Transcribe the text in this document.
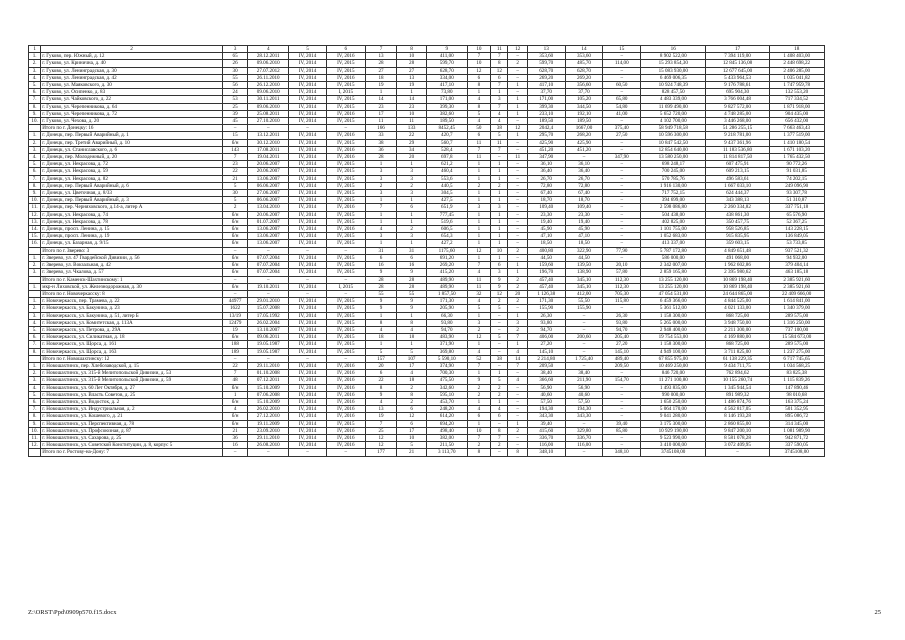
1	2	3	4	5	6	7	8	9	10	11	12	13	14	15	16	17	18	
1.	г. Гуково, пер. Южный, д. 12	65	28.12.2011	IV, 2014	IV, 2016	13	10	411,00	7	7	–	353,60	353,60	–	8 902 522,00	7 394 119,00	1 408 403,00	
2.	г. Гуково, ул. Кринична, д. 40	26	09.06.2010	IV, 2014	IV, 2015	28	28	599,70	10	8	2	599,70	485,70	114,00	15 293 854,30	12 845 136,08	2 448 698,22	
3.	г. Гуково, ул. Ленинградская, д. 30	30	27.07.2012	IV, 2014	IV, 2015	27	27	628,70	12	12	–	628,70	628,70	–	15 083 930,00	12 677 645,00	2 406 285,00	
4.	г. Гуково, ул. Ленинградская, д. 42	55	26.11.2010	IV, 2014	IV, 2016	18	13	334,00	6	6	–	269,20	269,20	–	6 469 006,35	5 433 964,53	1 035 041,82	
5.	г. Гуково, ул. Маяковского, д. 30	56	26.12.2010	IV, 2014	IV, 2015	19	19	417,10	8	7	1	417,10	356,60	60,50	10 924 748,39	9 176 788,61	1 747 959,78	
6.	г. Гуково, ул. Осипенко, д. 83	24	09.06.2010	IV, 2014	I, 2015	1	1	73,80	1	1	–	37,70	37,70	–	828 457,50	695 904,30	132 553,20	
7.	г. Гуково, ул. Чайковского, д. 22	53	30.11.2011	IV, 2014	IV, 2015	14	14	171,00	4	3	1	171,00	105,20	65,80	4 483 339,00	3 766 004,48	717 334,52	
8.	г. Гуково, ул. Черепенникова, д. 64	25	09.06.2010	IV, 2014	IV, 2015	23	23	399,30	8	7	1	399,30	344,50	54,80	11 699 490,00	9 827 572,00	1 871 918,00	
9.	г. Гуково, ул. Черепенникова, д. 72	39	25.08.2011	IV, 2014	IV, 2016	17	10	382,60	5	4	1	233,10	192,10	41,00	5 652 720,00	4 748 285,00	904 435,00	
10.	г. Гуково, ул. Чехова, д. 20	45	27.10.2010	IV, 2014	IV, 2015	11	11	189,50	4	4	–	189,50	189,50	–	4 102 700,00	3 446 268,00	656 432,00	
	Итого по г. Донецку: 16	–	–	–	–	166	133	8452,45	50	38	12	2042,4	1667,00	375,40	58 949 718,58	51 286 255,15	7 663 463,43	
1.	г. Донецк, пер. Первый Аварийный, д. 1	15	13.12.2011	IV, 2014	IV, 2016	33	22	420,7	6	5	1	295,70	268,20	27,50	10 596 300,00	9 218 781,00	1 377 519,00	
2.	г. Донецк, пер. Третий Аварийный, д. 10	б/н	30.12.2010	IV, 2014	IV, 2015	38	29	560,7	11	11	–	425,90	425,90	–	10 847 542,50	9 437 361,96	1 410 180,54	
3.	г. Донецк, ул. Станиславского, д. 6	143	17.08.2011	IV, 2014	IV, 2016	36	34	528,4	7	7	–	451,20	451,20	–	12 854 640,00	11 183 536,80	1 671 103,20	
4.	г. Донецк, пер. Молодежный, д. 20	7	19.04.2011	IV, 2014	IV, 2016	28	20	697,8	11	–	11	347,90	–	347,90	13 580 250,00	11 814 817,50	1 765 432,50	
5.	г. Донецк, ул. Некрасова, д. 72	23	20.06.2007	IV, 2014	IV, 2015	1	1	621,2	1	1	–	36,10	36,10	–	698 248,17	607 475,91	90 772,26	
6.	г. Донецк, ул. Некрасова, д. 59	22	20.06.2007	IV, 2014	IV, 2015	3	3	460,4	1	1	–	36,40	36,40	–	700 245,00	609 213,15	91 031,85	
7.	г. Донецк, ул. Некрасова, д. 82	21	13.06.2007	IV, 2014	IV, 2015	3	3	553,6	1	1	–	26,70	26,70	–	570 785,76	496 583,61	74 202,15	
8.	г. Донецк, пер. Первый Аварийный, д. 6	5	06.06.2007	IV, 2014	IV, 2015	2	2	440,5	2	2	–	72,80	72,80	–	1 916 130,00	1 667 033,10	249 096,90	
9.	г. Донецк, ул. Цветочная, д. 8/33	30	27.06.2007	IV, 2014	IV, 2015	3	3	304,5	1	1	–	67,40	67,40	–	717 752,15	624 444,37	93 307,78	
10.	г. Донецк, пер. Первый Аварийный, д. 3	5	06.06.2007	IV, 2014	IV, 2015	1	1	427,5	1	1	–	18,70	18,70	–	394 699,00	343 388,13	51 310,87	
11.	г. Донецк, пер. Черняховского, д.14-а, литер А	2	13.04.2010	IV, 2014	IV, 2016	7	6	651,9	3	3	–	109,40	109,40	–	2 598 086,80	2 260 334,82	337 751,18	
12.	г. Донецк, ул. Некрасова, д. 74	б/н	20.06.2007	IV, 2014	IV, 2015	1	1	777,45	1	1	–	23,30	23,30	–	504 438,00	438 861,30	65 576,90	
13.	г. Донецк, ул. Некрасова, д. 78	б/н	01.07.2007	IV, 2014	IV, 2015	1	1	519,6	1	1	–	19,40	19,40	–	402 825,00	350 457,75	52 367,25	
14.	г. Донецк, просп. Ленина, д. 15	б/н	13.06.2007	IV, 2014	IV, 2016	4	2	606,5	1	1	–	45,90	45,90	–	1 101 755,00	958 526,85	143 228,15	
15.	г. Донецк, просп. Ленина, д. 19	б/н	13.06.2007	IV, 2014	IV, 2015	3	3	654,3	1	1	–	47,10	47,10	–	1 052 683,00	915 835,95	136 849,05	
16.	г. Донецк, ул. Базарная, д. 9/15	б/н	13.06.2007	IV, 2014	IV, 2015	1	1	427,2	1	1	–	18,50	18,50	–	413 337,00	359 603,15	53 733,85	
	Итого по г. Зверево: 3	–	–	–	–	31	31	1175,60	12	10	2	400,80	322,90	77,90	5 787 172,80	4 849 651,48	937 521,32	
1.	г. Зверево, ул. 47 Гвардейской Дивизии, д. 56	б/н	07.07.2004	IV, 2014	IV, 2015	6	6	691,20	1	1	–	44,50	44,50	–	586 000,00	491 068,00	94 932,00	
2.	г. Зверево, ул. Вокзальная, д. 42	б/н	07.07.2004	IV, 2014	IV, 2015	16	16	269,20	7	6	1	159,60	139,50	20,10	2 342 007,00	1 962 602,86	379 404,14	
3.	г. Зверево, ул. Чкалова, д. 57	б/н	07.07.2004	IV, 2014	IV, 2015	9	9	415,20	4	3	1	196,70	138,90	57,80	2 859 165,80	2 395 980,62	463 185,18	
	Итого по г. Каменск-Шахтинскому: 1	–	–	–	–	28	28	489,90	11	9	2	457,40	345,10	112,30	13 255 120,00	10 869 198,40	2 385 921,60	
1.	мкр-н Лиховской, ул. Железнодорожная, д. 30	б/н	19.10.2011	IV, 2014	I, 2015	28	28	489,90	11	9	2	457,40	345,10	112,30	13 255 120,00	10 869 198,40	2 385 921,60	
	Итого по г. Новочеркасску: 8	–	–	–	–	55	55	1 857,50	32	12	20	1 126,38	412,00	705,30	47 054 531,00	24 644 865,00	22 409 666,00	
1.	г. Новочеркасск, пер. Трамева, д. 22	44977	29.01.2010	IV, 2014	IV, 2015	9	9	171,30	4	2	2	171,30	55,50	115,80	6 459 366,00	4 844 525,00	1 614 841,00	
2.	г. Новочеркасск, ул. Бакунина, д. 23	1622	15.07.2008	IV, 2014	IV, 2015	9	9	205,90	5	5	–	155,90	155,90	–	5 361 512,00	4 021 133,00	1 340 379,00	
3.	г. Новочеркасск, ул. Бакунина, д. 51, литер Б	13/19	17.05.1992	IV, 2014	IV, 2015	1	1	66,30	1	–	1	26,30	–	26,30	1 158 300,00	868 725,00	289 575,00	
4.	г. Новочеркасск, ул. Комитетская, д. 113А	12479	26.02.2004	IV, 2014	IV, 2015	8	8	93,80	3	–	3	93,80	–	93,80	5 265 000,00	3 948 750,00	1 316 250,00	
5.	г. Новочеркасск, ул. Петрова, д. 29А	19	13.10.2007	IV, 2014	IV, 2015	4	4	94,70	2	–	2	94,70	–	94,70	2 948 400,00	2 211 300,00	737 100,00	
6.	г. Новочеркасск, ул. Силикатная, д. 18	б/н	09.06.2011	IV, 2014	IV, 2015	18	18	483,90	12	5	7	406,00	200,60	205,40	19 754 553,00	4 169 880,00	15 584 673,00	
7.	г. Новочеркасск, ул. Щорса, д. 161	188	19.05.1987	IV, 2014	IV, 2015	1	1	371,90	1	–	1	27,20	–	27,20	1 158 300,00	868 725,00	289 575,00	
8.	г. Новочеркасск, ул. Щорса, д. 163	189	19.05.1987	IV, 2014	IV, 2015	5	5	369,80	4	–	4	145,10	–	145,10	4 949 100,00	3 711 825,00	1 237 275,00	
	Итого по г. Новошахтинску: 12	–	–	–	–	157	107	5 590,10	52	38	14	2 214,80	1 725,40	489,40	67 855 975,00	61 138 229,35	6 717 745,65	
1.	г. Новошахтинск, пер. Хлебозаводской, д. 15	22	29.11.2010	IV, 2014	IV, 2016	20	17	374,90	7	–	7	209,50	–	209,50	10 469 250,00	9 434 711,75	1 034 568,25	
2.	г. Новошахтинск, ул. 315-й Мелитопольской Дивизии, д. 53	7	01.10.2008	IV, 2014	IV, 2016	6	4	700,30	1	1	–	38,40	38,40	–	846 720,00	762 894,62	83 825,38	
3.	г. Новошахтинск, ул. 315-й Мелитопольской Дивизии, д. 59	48	07.12.2011	IV, 2014	IV, 2016	22	18	475,50	9	5	4	366,60	211,90	154,70	11 271 100,80	10 155 260,74	1 115 839,26	
4.	г. Новошахтинск, ул. 60 Лет Октября, д. 27	б/н	15.10.2009	IV, 2014	IV, 2016	8	2	342,60	2	2	–	56,90	56,90	–	1 493 835,00	1 345 944,54	147 890,46	
5.	г. Новошахтинск, ул. Власть Советов, д. 25	1	07.06.2008	IV, 2014	IV, 2016	9	8	595,10	2	2	–	40,60	40,60	–	990 000,00	891 989,32	98 010,68	
6.	г. Новошахтинск, ул. Водосток, д. 2	б/н	15.10.2009	IV, 2014	IV, 2016	4	2	453,70	1	1	–	57,50	57,50	–	1 650 250,00	1 486 874,76	163 375,24	
7.	г. Новошахтинск, ул. Индустриальная, д. 2	4	26.02.2010	IV, 2014	IV, 2016	13	6	248,20	4	4	–	194,30	194,30	–	5 064 170,00	4 562 817,05	501 352,95	
8.	г. Новошахтинск, ул. Кошевого, д. 21	б/н	27.12.2010	IV, 2014	IV, 2016	19	12	614,20	6	6	–	343,30	343,30	–	9 041 280,00	8 146 193,28	895 086,72	
9.	г. Новошахтинск, ул. Перспективная, д. 78	б/н	19.11.2009	IV, 2014	IV, 2015	7	6	694,20	1	–	1	39,40	–	39,40	3 175 300,00	2 860 855,00	314 345,00	
10.	г. Новошахтинск, ул. Профсоюзная, д. 87	21	23.09.2010	IV, 2014	IV, 2016	25	17	498,40	10	8	2	415,60	329,80	85,80	10 929 190,00	9 847 200,10	1 081 989,90	
11.	г. Новошахтинск, ул. Сахарова, д. 25	36	29.11.2010	IV, 2014	IV, 2016	12	10	382,00	7	7	–	336,70	336,70	–	9 523 990,00	8 581 078,28	942 871,72	
12.	г. Новошахтинск, ул. Советской Конституции, д. 8, корпус 5	16	26.08.2010	IV, 2014	IV, 2016	12	5	211,50	2	2	–	116,00	116,00	–	3 410 000,00	3 072 409,95	337 590,05	
	Итого по г. Ростову-на-Дону: 7	–	–	–	–	177	21	3 113,70	8	–	8	348,10	–	348,10	3745108,00	–	3745108,00	
Z:\ORST\Ppd\0909p570.f15.docx	25
